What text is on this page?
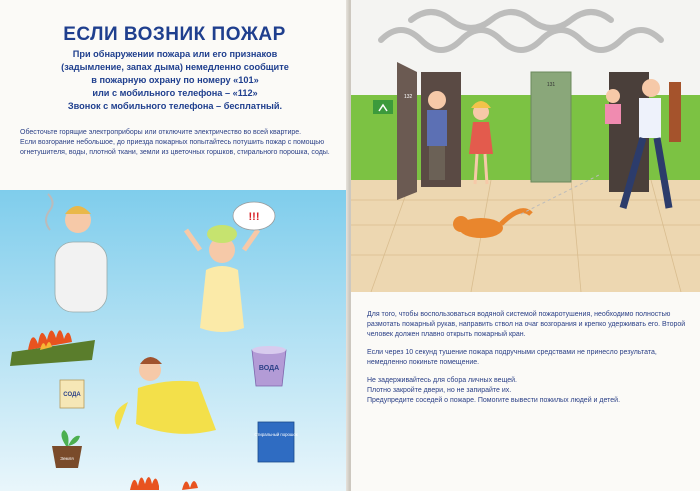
ЕСЛИ ВОЗНИК ПОЖАР
При обнаружении пожара или его признаков
(задымление, запах дыма) немедленно сообщите
в пожарную охрану по номеру «101»
или с мобильного телефона – «112»
Звонок с мобильного телефона – бесплатный.

Обесточьте горящие электроприборы или отключите электричество во всей квартире.

Если возгорание небольшое, до приезда пожарных попытайтесь потушить пожар с помощью огнетушителя, воды, плотной ткани, земли из цветочных горшков, стирального порошка, соды.

!!!
ВОДА
СОДА
Земля
Стиральный порошок
132
131

Для того, чтобы воспользоваться водяной системой пожаротушения, необходимо полностью размотать пожарный рукав, направить ствол на очаг возгорания и крепко удерживать его. Второй человек должен плавно открыть пожарный кран.

Если через 10 секунд тушение пожара подручными средствами не принесло результата, немедленно покиньте помещение.

Не задерживайтесь для сбора личных вещей.

Плотно закройте двери, но не запирайте их.

Предупредите соседей о пожаре. Помогите вывести пожилых людей и детей.
